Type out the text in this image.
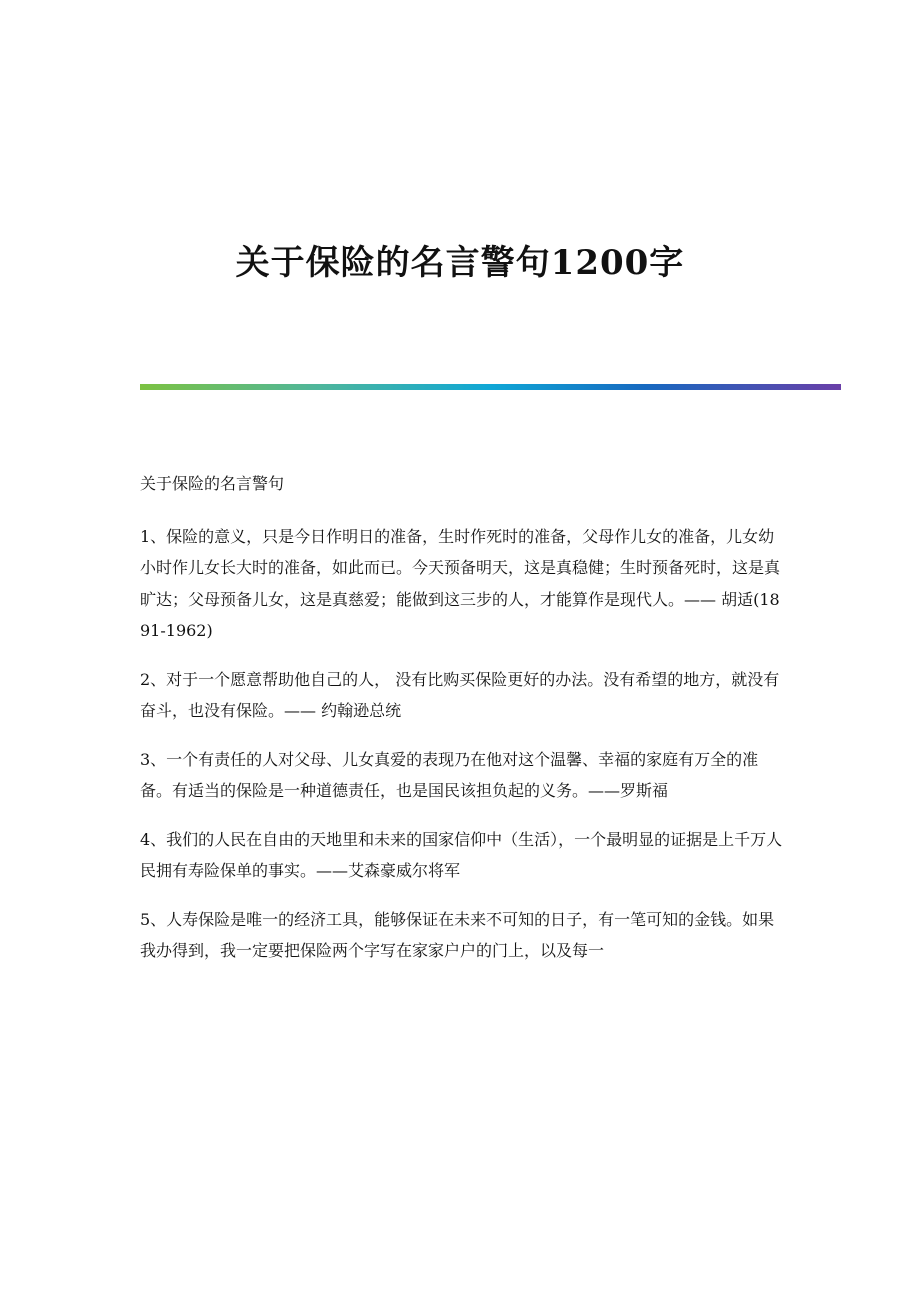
关于保险的名言警句1200字

关于保险的名言警句

1、保险的意义，只是今日作明日的准备，生时作死时的准备，父母作儿女的准备，儿女幼小时作儿女长大时的准备，如此而已。今天预备明天，这是真稳健；生时预备死时，这是真旷达；父母预备儿女，这是真慈爱；能做到这三步的人，才能算作是现代人。—— 胡适(1891-1962)

2、对于一个愿意帮助他自己的人， 没有比购买保险更好的办法。没有希望的地方，就没有奋斗，也没有保险。—— 约翰逊总统

3、一个有责任的人对父母、儿女真爱的表现乃在他对这个温馨、幸福的家庭有万全的准备。有适当的保险是一种道德责任，也是国民该担负起的义务。——罗斯福

4、我们的人民在自由的天地里和未来的国家信仰中（生活），一个最明显的证据是上千万人民拥有寿险保单的事实。——艾森豪威尔将军

5、人寿保险是唯一的经济工具，能够保证在未来不可知的日子，有一笔可知的金钱。如果我办得到，我一定要把保险两个字写在家家户户的门上，以及每一
